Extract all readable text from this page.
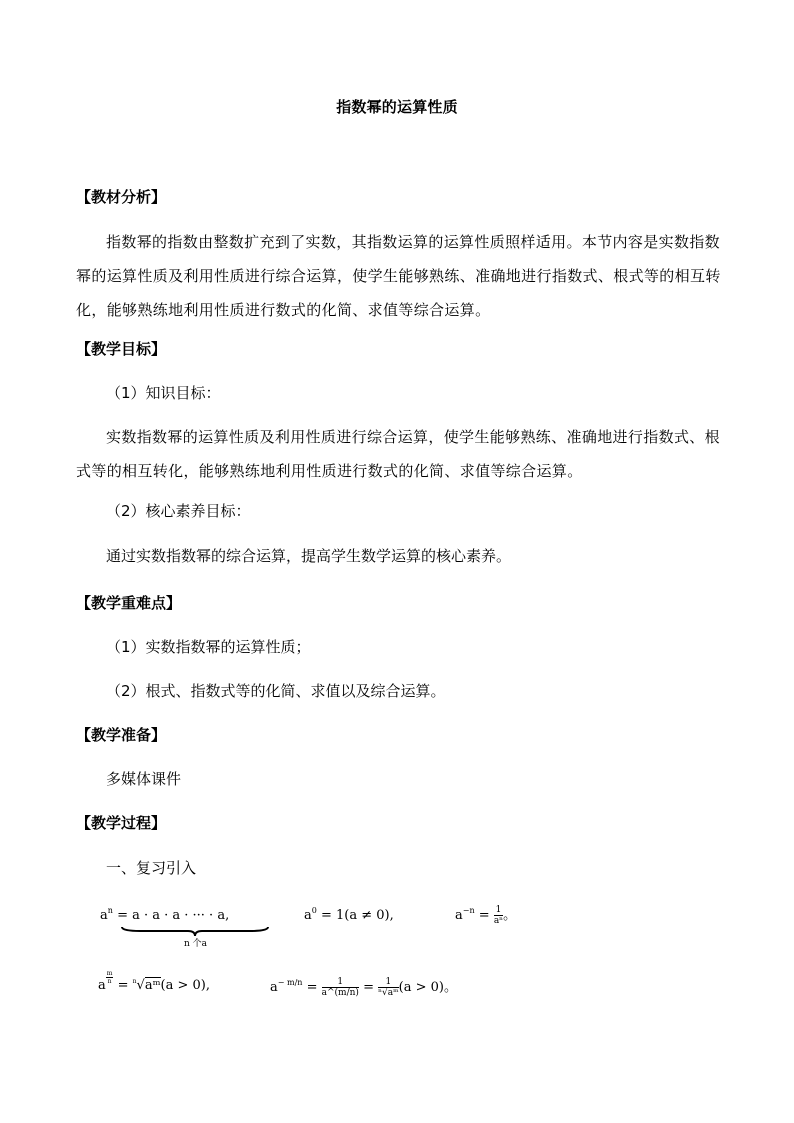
指数幂的运算性质
【教材分析】
指数幂的指数由整数扩充到了实数，其指数运算的运算性质照样适用。本节内容是实数指数幂的运算性质及利用性质进行综合运算，使学生能够熟练、准确地进行指数式、根式等的相互转化，能够熟练地利用性质进行数式的化简、求值等综合运算。
【教学目标】
（1）知识目标：
实数指数幂的运算性质及利用性质进行综合运算，使学生能够熟练、准确地进行指数式、根式等的相互转化，能够熟练地利用性质进行数式的化简、求值等综合运算。
（2）核心素养目标：
通过实数指数幂的综合运算，提高学生数学运算的核心素养。
【教学重难点】
（1）实数指数幂的运算性质；
（2）根式、指数式等的化简、求值以及综合运算。
【教学准备】
多媒体课件
【教学过程】
一、复习引入
$a^n = a \cdot a \cdot a$ · ··· · a,
n 个a
$a^0 = 1(a \ne 0)$,	$a^{-n} = \frac{1}{\text{aⁿ}}$ 。
a
$\frac{m}{n}$
= $^n$√aᵐ(a > 0),	$a^{- m/n} = \frac{1}{a\^{}(m/n)} = \frac{1}{\text{ⁿ√aᵐ}} (a > 0)$。
